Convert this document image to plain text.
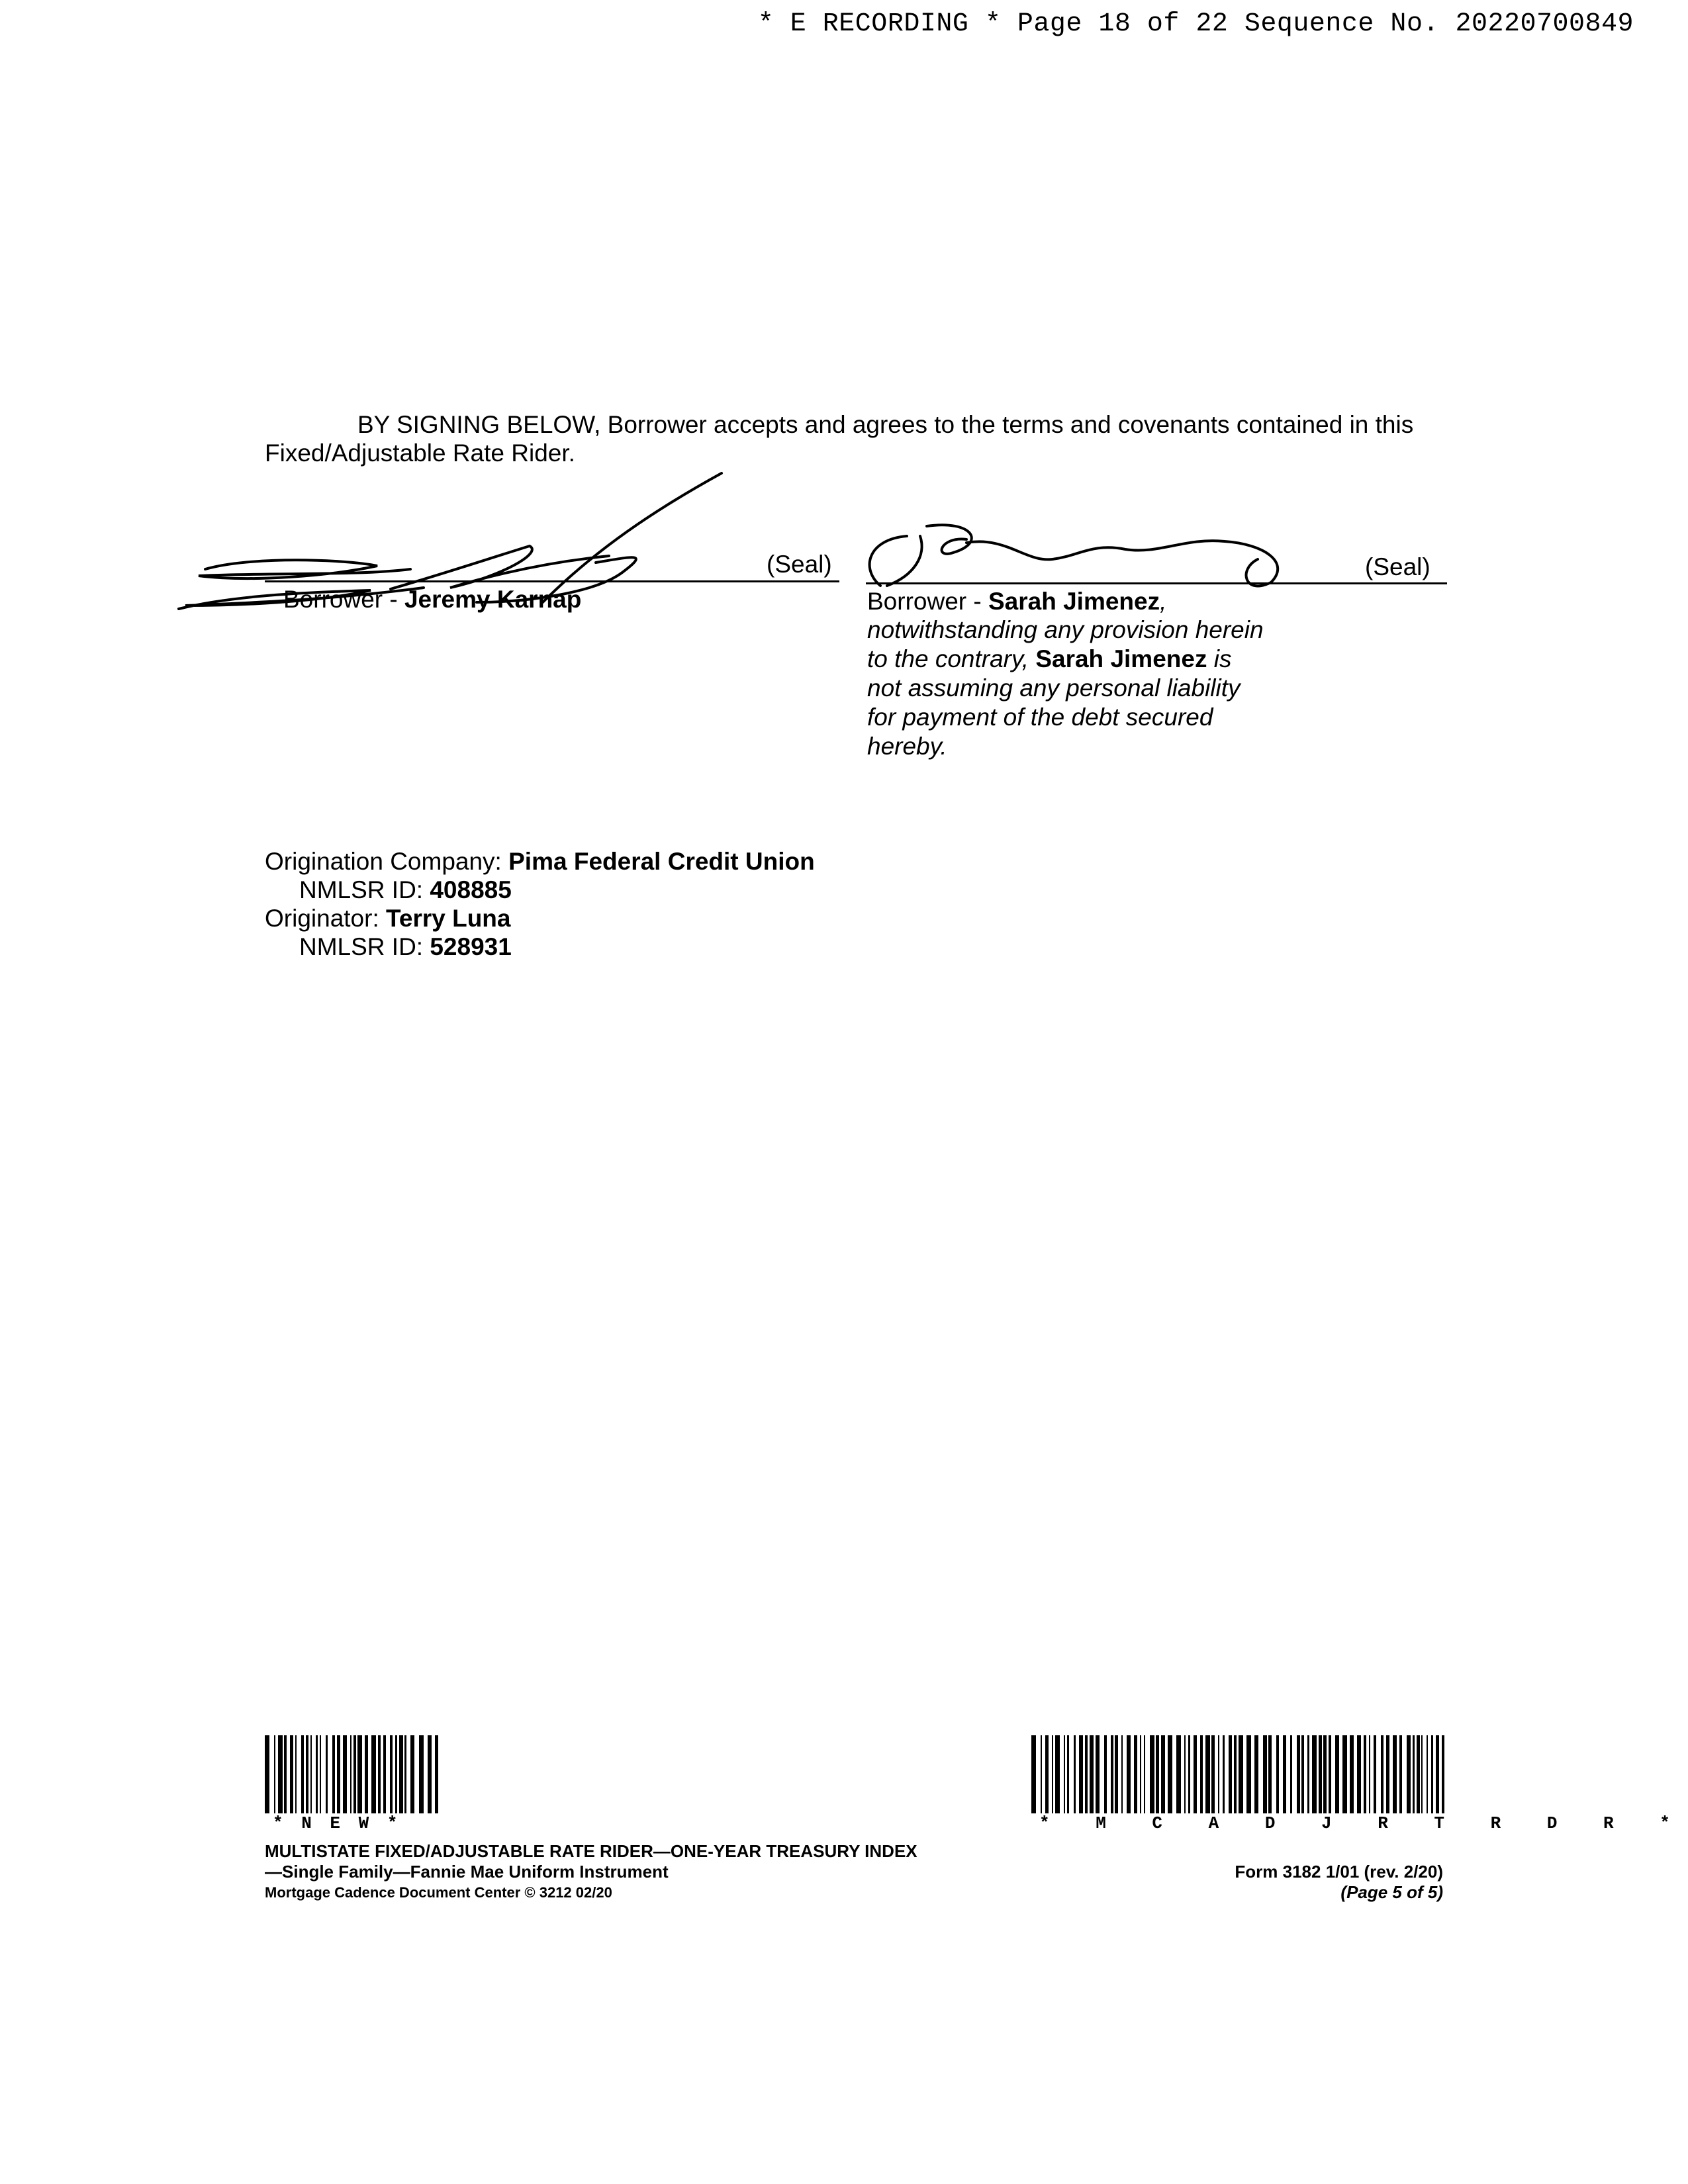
* E RECORDING * Page 18 of 22 Sequence No. 20220700849
BY SIGNING BELOW, Borrower accepts and agrees to the terms and covenants contained in this
Fixed/Adjustable Rate Rider.
(Seal)
Borrower - Jeremy Karnap
(Seal)
Borrower - Sarah Jimenez,
notwithstanding any provision herein
to the contrary, Sarah Jimenez is
not assuming any personal liability
for payment of the debt secured
hereby.
Origination Company: Pima Federal Credit Union
NMLSR ID: 408885
Originator: Terry Luna
NMLSR ID: 528931
* N E W *	* M C A D J R T R D R *
MULTISTATE FIXED/ADJUSTABLE RATE RIDER—ONE-YEAR TREASURY INDEX
—Single Family—Fannie Mae Uniform Instrument
Mortgage Cadence Document Center © 3212 02/20
Form 3182 1/01 (rev. 2/20)
(Page 5 of 5)
